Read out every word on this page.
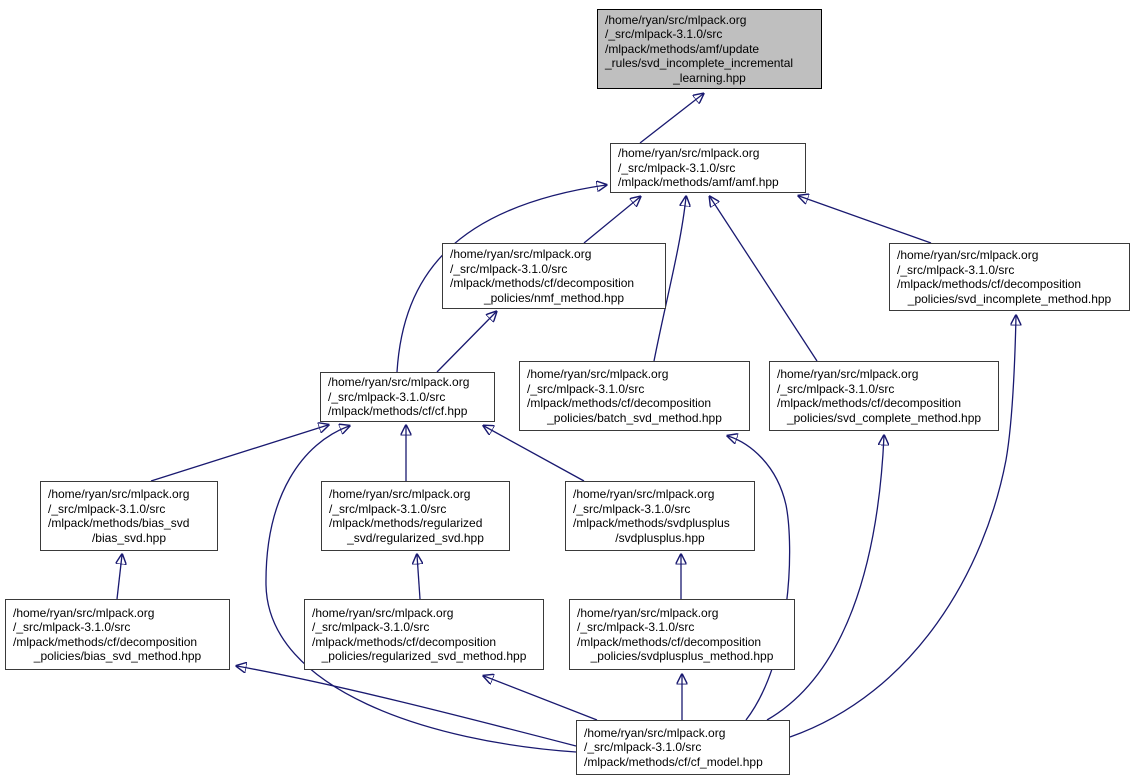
/home/ryan/src/mlpack.org
/_src/mlpack-3.1.0/src
/mlpack/methods/amf/update
_rules/svd_incomplete_incremental
_learning.hpp
/home/ryan/src/mlpack.org
/_src/mlpack-3.1.0/src
/mlpack/methods/amf/amf.hpp
/home/ryan/src/mlpack.org
/_src/mlpack-3.1.0/src
/mlpack/methods/cf/decomposition
_policies/nmf_method.hpp
/home/ryan/src/mlpack.org
/_src/mlpack-3.1.0/src
/mlpack/methods/cf/decomposition
_policies/svd_incomplete_method.hpp
/home/ryan/src/mlpack.org
/_src/mlpack-3.1.0/src
/mlpack/methods/cf/cf.hpp
/home/ryan/src/mlpack.org
/_src/mlpack-3.1.0/src
/mlpack/methods/cf/decomposition
_policies/batch_svd_method.hpp
/home/ryan/src/mlpack.org
/_src/mlpack-3.1.0/src
/mlpack/methods/cf/decomposition
_policies/svd_complete_method.hpp
/home/ryan/src/mlpack.org
/_src/mlpack-3.1.0/src
/mlpack/methods/bias_svd
/bias_svd.hpp
/home/ryan/src/mlpack.org
/_src/mlpack-3.1.0/src
/mlpack/methods/regularized
_svd/regularized_svd.hpp
/home/ryan/src/mlpack.org
/_src/mlpack-3.1.0/src
/mlpack/methods/svdplusplus
/svdplusplus.hpp
/home/ryan/src/mlpack.org
/_src/mlpack-3.1.0/src
/mlpack/methods/cf/decomposition
_policies/bias_svd_method.hpp
/home/ryan/src/mlpack.org
/_src/mlpack-3.1.0/src
/mlpack/methods/cf/decomposition
_policies/regularized_svd_method.hpp
/home/ryan/src/mlpack.org
/_src/mlpack-3.1.0/src
/mlpack/methods/cf/decomposition
_policies/svdplusplus_method.hpp
/home/ryan/src/mlpack.org
/_src/mlpack-3.1.0/src
/mlpack/methods/cf/cf_model.hpp
